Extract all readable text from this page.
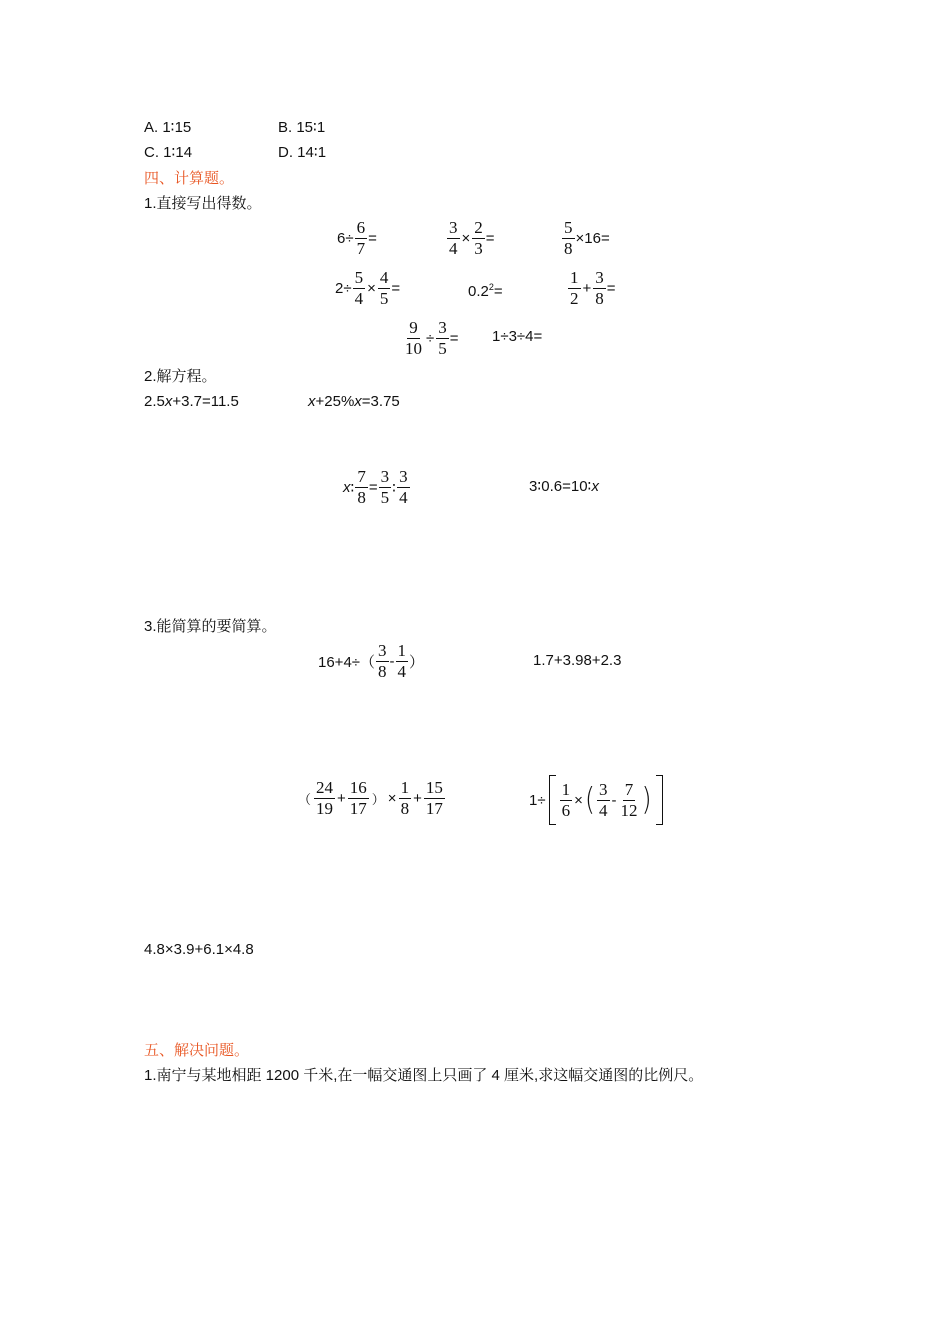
A. 1∶15	B. 15∶1
C. 1∶14	D. 14∶1
四、计算题。
1.直接写出得数。
$6\div \frac{6}{7}$ =	$\frac{3}{4} \times \frac{2}{3}$ =	$\frac{5}{8} \times 16=$
$2\div \frac{5}{4} \times \frac{4}{5}$ =	$0.2^2=$	$\frac{1}{2} + \frac{3}{8}$ =
$\frac{9}{10} \div \frac{3}{5} = 1\div 3\div 4=$
2.解方程。
2.5x+3.7=11.5	x+25%x=3.75
x ∶ $\frac{7}{8} = \frac{3}{5}$ ∶ $\frac{3}{4}$	3∶0.6=10∶x
3.能简算的要简算。
$16+4\div( \frac{3}{8} - \frac{1}{4}$ ）	1.7+3.98+2.3
（ $\frac{24}{19} + \frac{16}{17}$ ） × $\frac{1}{8} + \frac{15}{17}$	$1\div \frac{1}{6}$ × ( $\frac{3}{4} - \frac{7}{12}$ )
4.8×3.9+6.1×4.8
五、解决问题。
1.南宁与某地相距 1200 千米,在一幅交通图上只画了 4 厘米,求这幅交通图的比例尺。
